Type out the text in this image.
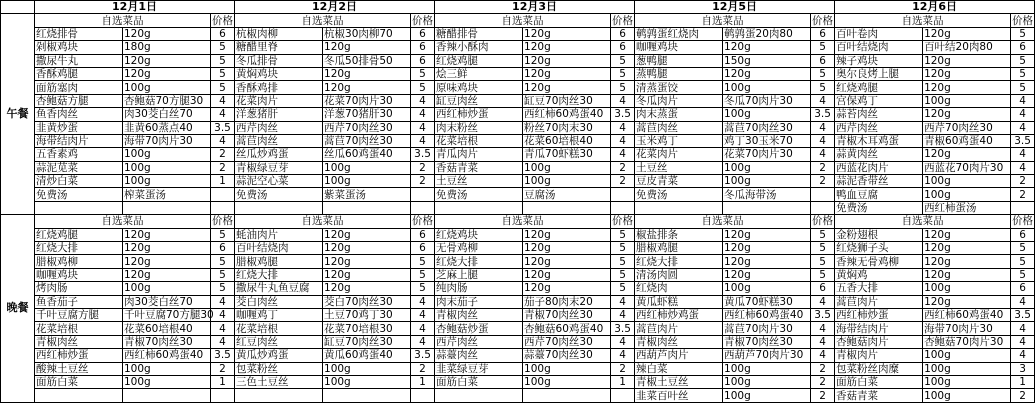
	12月1日			12月2日			12月3日			12月5日			12月6日		
午餐	自选菜品		价格	自选菜品		价格	自选菜品		价格	自选菜品		价格	自选菜品		价格
	红烧排骨	120g	6	杭椒肉柳	杭椒30肉柳70	6	糖醋排骨	120g	6	鹌鹑蛋红烧肉	鹌鹑蛋20肉80	6	百叶卷肉	120g	5
	剁椒鸡块	180g	5	糖醋里脊	120g	6	香辣小酥肉	120g	6	咖喱鸡块	120g	5	百叶结烧肉	百叶结20肉80	6
	撒尿牛丸	120g	5	冬瓜排骨	冬瓜50排骨50	6	红烧鸡腿	120g	5	葱鸭腿	150g	6	辣子鸡块	120g	5
	香酥鸡腿	120g	5	黄焖鸡块	120g	5	烩三鲜	120g	5	蒸鸭腿	120g	5	奥尔良烤上腿	120g	5
	面筋塞肉	100g	5	香酥鸡排	120g	5	原味鸡块	120g	5	清蒸蛋饺	100g	5	红烧鸡腿	120g	5
	杏鲍菇方腿	杏鲍菇70方腿30	4	花菜肉片	花菜70肉片30	4	缸豆肉丝	缸豆70肉丝30	4	冬瓜肉片	冬瓜70肉片30	4	宫保鸡丁	100g	4
	鱼香肉丝	肉30茭白丝70	4	洋葱猪肝	洋葱70猪肝30	4	西红柿炒蛋	西红柿60鸡蛋40	3.5	肉末蒸蛋	100g	3.5	蒜苔肉丝	120g	4
	韭黄炒蛋	韭黄60蒸点40	3.5	西芹肉丝	西芹70肉丝30	4	肉末粉丝	粉丝70肉末30	4	蒿苣肉丝	蒿苣70肉丝30	4	西芹肉丝	西芹70肉丝30	4
	海带结肉片	海带70肉片30	4	蒿苣肉丝	蒿苣70肉丝30	4	花菜培根	花菜60培根40	4	玉米鸡丁	鸡丁30玉米70	4	青椒木耳鸡蛋	青椒60鸡蛋40	3.5
	五香素鸡	100g	2	丝瓜炒鸡蛋	丝瓜60鸡蛋40	3.5	青瓜肉片	青瓜70虾糕30	4	花菜肉片	花菜70肉片30	4	蒜黄肉丝	120g	4
	蒜泥苋菜	100g	2	青椒绿豆芽	100g	2	香菇青菜	100g	2	土豆丝	100g	2	西蓝花肉片	西蓝花70肉片30	4
	清炒白菜	100g	1	蒜泥空心菜	100g	2	土豆丝	100g	2	豆皮青菜	100g	2	蒜泥香带丝	100g	2
	免费汤	榨菜蛋汤		免费汤	紫菜蛋汤		免费汤	豆腐汤		免费汤	冬瓜海带汤		鸭血豆腐	100g	2
													免费汤	西红柿蛋汤	
晚餐	自选菜品		价格	自选菜品		价格	自选菜品		价格	自选菜品		价格	自选菜品		价格
	红烧鸡腿	120g	5	蚝油肉片	120g	6	红烧鸡块	120g	5	椒盐排条	120g	5	金粉翅根	120g	6
	红烧大排	120g	6	百叶结烧肉	120g	6	无骨鸡柳	120g	5	腊椒鸡腿	120g	5	红烧狮子头	120g	5
	腊椒鸡柳	120g	5	腊椒鸡腿	120g	5	红烧大排	120g	5	红烧大排	120g	5	香辣无骨鸡柳	120g	5
	咖喱鸡块	120g	5	红烧大排	120g	5	芝麻上腿	120g	5	清汤肉圆	120g	5	黄焖鸡	120g	5
	烤肉肠	100g	5	撒尿牛丸鱼豆腐	120g	5	纯肉肠	120g	5	红烧肉	100g	6	五香大排	100g	6
	鱼香茄子	肉30茭白丝70	4	茭白肉丝	茭白70肉丝30	4	肉末茄子	茄子80肉末20	4	黄瓜虾糕	黄瓜70虾糕30	4	蒿苣肉片	120g	4
	千叶豆腐方腿	千叶豆腐70方腿30	4	咖喱鸡丁	土豆70鸡丁30	4	青椒肉丝	青椒70肉丝30	4	西红柿炒鸡蛋	西红柿60鸡蛋40	3.5	西红柿炒蛋	西红柿60鸡蛋40	3.5
	花菜培根	花菜60培根40	4	花菜培根	花菜70培根30	4	杏鲍菇炒蛋	杏鲍菇60鸡蛋40	3.5	蒿苣肉片	蒿苣70肉片30	4	海带结肉片	海带70肉片30	4
	青椒肉丝	青椒70肉丝30	4	红豆肉丝	缸豆70肉丝30	4	西芹肉丝	西芹70肉丝30	4	青椒肉丝	青椒70肉丝30	4	杏鲍菇肉片	杏鲍菇70肉片30	4
	西红柿炒蛋	西红柿60鸡蛋40	3.5	黄瓜炒鸡蛋	黄瓜60鸡蛋40	3.5	蒜薹肉丝	蒜薹70肉丝30	4	西葫芦肉片	西葫芦70肉片30	4	青椒肉片	100g	4
	酸辣土豆丝	100g	2	包菜粉丝	100g	2	韭菜绿豆芽	100g	2	辣白菜	100g	2	包菜粉丝肉糜	100g	3
	面筋白菜	100g	1	三色土豆丝	100g	1	面筋白菜	100g	1	青椒土豆丝	100g	2	面筋白菜	100g	1
										韭菜百叶丝	100g	2	香菇青菜	100g	2
